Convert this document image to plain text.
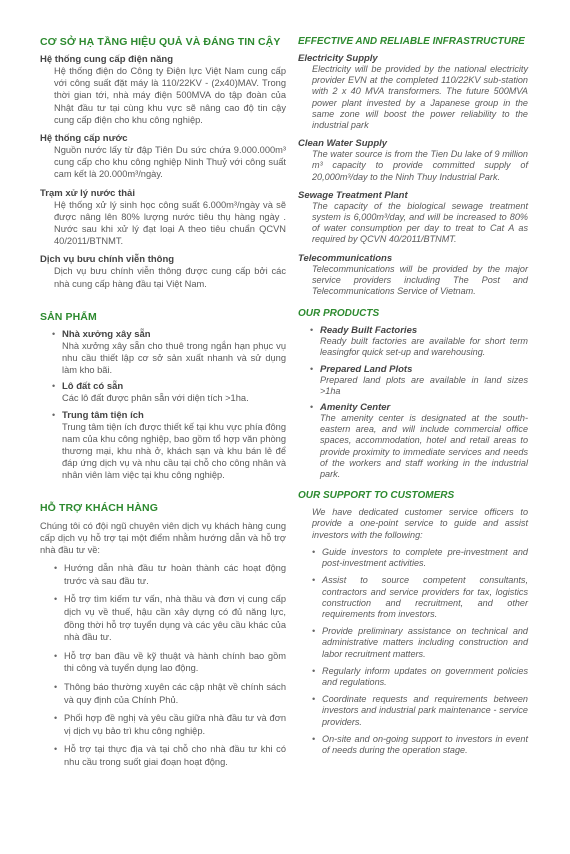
CƠ SỞ HẠ TẦNG HIỆU QUẢ VÀ ĐÁNG TIN CẬY

Hệ thống cung cấp điện năng

Hệ thống điện do Công ty Điện lực Việt Nam cung cấp với công suất đặt máy là 110/22KV - (2x40)MAV. Trong thời gian tới, nhà máy điện 500MVA do tập đoàn của Nhật đầu tư tại cùng khu vực sẽ nâng cao độ tin cậy cung cấp điện cho khu công nghiệp.

Hệ thống cấp nước

Nguồn nước lấy từ đập Tiên Du sức chứa 9.000.000m³ cung cấp cho khu công nghiệp Ninh Thuỷ với công suất cam kết là 20.000m³/ngày.

Trạm xử lý nước thải

Hệ thống xử lý sinh học công suất 6.000m³/ngày và sẽ được nâng lên 80% lượng nước tiêu thụ hàng ngày . Nước sau khi xử lý đạt loại A theo tiêu chuẩn QCVN 40/2011/BTNMT.

Dịch vụ bưu chính viễn thông

Dịch vụ bưu chính viễn thông được cung cấp bởi các nhà cung cấp hàng đầu tại Việt Nam.

SẢN PHẨM
• Nhà xưởng xây sẵn
Nhà xưởng xây sẵn cho thuê trong ngắn hạn phục vụ nhu cầu thiết lập cơ sở sản xuất nhanh và sử dụng làm kho bãi.
• Lô đất có sẵn
Các lô đất được phân sẵn với diện tích >1ha.
• Trung tâm tiện ích
Trung tâm tiện ích được thiết kế tại khu vực phía đông nam của khu công nghiệp, bao gồm tổ hợp văn phòng thương mại, khu nhà ở, khách sạn và khu bán lẻ để đáp ứng dịch vụ và nhu cầu tại chỗ cho công nhân và nhân viên làm việc tại khu công nghiệp.
HỖ TRỢ KHÁCH HÀNG

Chúng tôi có đội ngũ chuyên viên dịch vụ khách hàng cung cấp dịch vụ hỗ trợ tại một điểm nhằm hướng dẫn và hỗ trợ nhà đầu tư về:

• Hướng dẫn nhà đầu tư hoàn thành các hoạt động trước và sau đầu tư.
• Hỗ trợ tìm kiếm tư vấn, nhà thầu và đơn vị cung cấp dịch vụ về thuế, hậu cần xây dựng có đủ năng lực, đồng thời hỗ trợ tuyển dụng và các yêu cầu khác của nhà đầu tư.
• Hỗ trợ ban đầu về kỹ thuật và hành chính bao gồm thi công và tuyển dụng lao động.
• Thông báo thường xuyên các cập nhật về chính sách và quy định của Chính Phủ.
• Phối hợp đề nghị và yêu cầu giữa nhà đầu tư và đơn vị dịch vụ bảo trì khu công nghiệp.
• Hỗ trợ tại thực địa và tại chỗ cho nhà đầu tư khi có nhu cầu trong suốt giai đoạn hoạt động.
EFFECTIVE AND RELIABLE INFRASTRUCTURE

Electricity Supply

Electricity will be provided by the national electricity provider EVN at the completed 110/22KV sub-station with 2 x 40 MVA transformers. The future 500MVA power plant invested by a Japanese group in the same zone will boost the power reliability to the industrial park

Clean Water Supply

The water source is from the Tien Du lake of 9 million m³ capacity to provide committed supply of 20,000m³/day to the Ninh Thuy Industrial Park.

Sewage Treatment Plant

The capacity of the biological sewage treatment system is 6,000m³/day, and will be increased to 80% of water consumption per day to treat to Cat A as required by QCVN 40/2011/BTNMT.

Telecommunications

Telecommunications will be provided by the major service providers including The Post and Telecommunications Service of Vietnam.

OUR PRODUCTS
• Ready Built Factories
Ready built factories are available for short term leasingfor quick set-up and warehousing.
• Prepared Land Plots
Prepared land plots are available in land sizes >1ha
• Amenity Center
The amenity center is designated at the south-eastern area, and will include commercial office spaces, accommodation, hotel and retail areas to provide proximity to immediate services and needs of the workers and staff working in the industrial park.
OUR SUPPORT TO CUSTOMERS

We have dedicated customer service officers to provide a one-point service to guide and assist investors with the following:

• Guide investors to complete pre-investment and post-investment activities.
• Assist to source competent consultants, contractors and service providers for tax, logistics construction and recruitment, and other requirements from investors.
• Provide preliminary assistance on technical and administrative matters including construction and labor recruitment matters.
• Regularly inform updates on government policies and regulations.
• Coordinate requests and requirements between investors and industrial park maintenance - service providers.
• On-site and on-going support to investors in event of needs during the operation stage.
